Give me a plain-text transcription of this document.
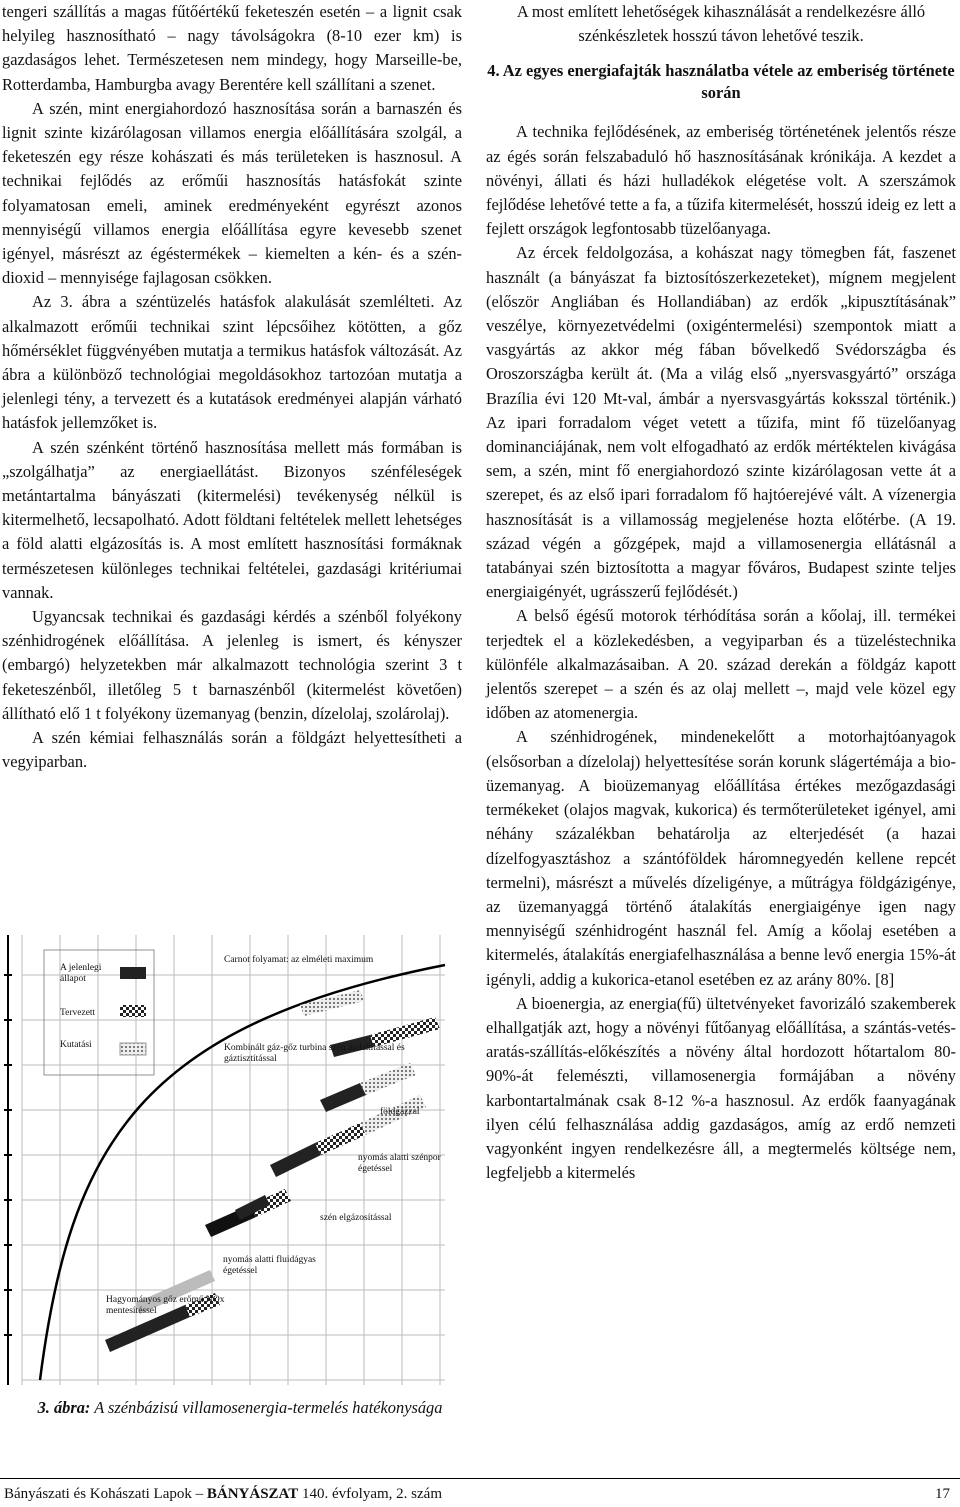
tengeri szállítás a magas fűtőértékű feketeszén esetén – a lignit csak helyileg hasznosítható – nagy távolságokra (8-10 ezer km) is gazdaságos lehet. Természetesen nem mindegy, hogy Marseille-be, Rotterdamba, Hamburgba avagy Berentére kell szállítani a szenet.

A szén, mint energiahordozó hasznosítása során a barnaszén és lignit szinte kizárólagosan villamos energia előállítására szolgál, a feketeszén egy része kohászati és más területeken is hasznosul. A technikai fejlődés az erőműi hasznosítás hatásfokát szinte folyamatosan emeli, aminek eredményeként egyrészt azonos mennyiségű villamos energia előállítása egyre kevesebb szenet igényel, másrészt az égéstermékek – kiemelten a kén- és a szén-dioxid – mennyisége fajlagosan csökken.

Az 3. ábra a széntüzelés hatásfok alakulását szemlélteti. Az alkalmazott erőműi technikai szint lépcsőihez kötötten, a gőz hőmérséklet függvényében mutatja a termikus hatásfok változását. Az ábra a különböző technológiai megoldásokhoz tartozóan mutatja a jelenlegi tény, a tervezett és a kutatások eredményei alapján várható hatásfok jellemzőket is.

A szén szénként történő hasznosítása mellett más formában is „szolgálhatja” az energiaellátást. Bizonyos szénféleségek metántartalma bányászati (kitermelési) tevékenység nélkül is kitermelhető, lecsapolható. Adott földtani feltételek mellett lehetséges a föld alatti elgázosítás is. A most említett hasznosítási formáknak természetesen különleges technikai feltételei, gazdasági kritériumai vannak.

Ugyancsak technikai és gazdasági kérdés a szénből folyékony szénhidrogének előállítása. A jelenleg is ismert, és kényszer (embargó) helyzetekben már alkalmazott technológia szerint 3 t feketeszénből, illetőleg 5 t barnaszénből (kitermelést követően) állítható elő 1 t folyékony üzemanyag (benzin, dízelolaj, szolárolaj).

A szén kémiai felhasználás során a földgázt helyettesítheti a vegyiparban.

A jelenlegi állapot
Tervezett
Kutatási
Carnot folyamat: az elméleti maximum
Kombinált gáz-gőz turbina szén átalakítással és gáztisztítással
földgázzal
nyomás alatti szénpor égetéssel
szén elgázosítással
nyomás alatti fluidágyas égetéssel
Hagyományos gőz erőmű NOx mentesítéssel
3. ábra: A szénbázisú villamosenergia-termelés hatékonysága

A most említett lehetőségek kihasználását a rendelkezésre álló szénkészletek hosszú távon lehetővé teszik.

4. Az egyes energiafajták használatba vétele az emberiség története során

A technika fejlődésének, az emberiség történetének jelentős része az égés során felszabaduló hő hasznosításának krónikája. A kezdet a növényi, állati és házi hulladékok elégetése volt. A szerszámok fejlődése lehetővé tette a fa, a tűzifa kitermelését, hosszú ideig ez lett a fejlett országok legfontosabb tüzelőanyaga.

Az ércek feldolgozása, a kohászat nagy tömegben fát, faszenet használt (a bányászat fa biztosítószerkezeteket), mígnem megjelent (először Angliában és Hollandiában) az erdők „kipusztításának” veszélye, környezetvédelmi (oxigéntermelési) szempontok miatt a vasgyártás az akkor még fában bővelkedő Svédországba és Oroszországba került át. (Ma a világ első „nyersvasgyártó” országa Brazília évi 120 Mt-val, ámbár a nyersvasgyártás koksszal történik.) Az ipari forradalom véget vetett a tűzifa, mint fő tüzelőanyag dominanciájának, nem volt elfogadható az erdők mértéktelen kivágása sem, a szén, mint fő energiahordozó szinte kizárólagosan vette át a szerepet, és az első ipari forradalom fő hajtóerejévé vált. A vízenergia hasznosítását is a villamosság megjelenése hozta előtérbe. (A 19. század végén a gőzgépek, majd a villamosenergia ellátásnál a tatabányai szén biztosította a magyar főváros, Budapest szinte teljes energiaigényét, ugrásszerű fejlődését.)

A belső égésű motorok térhódítása során a kőolaj, ill. termékei terjedtek el a közlekedésben, a vegyiparban és a tüzeléstechnika különféle alkalmazásaiban. A 20. század derekán a földgáz kapott jelentős szerepet – a szén és az olaj mellett –, majd vele közel egy időben az atomenergia.

A szénhidrogének, mindenekelőtt a motorhajtóanyagok (elsősorban a dízelolaj) helyettesítése során korunk slágertémája a bio-üzemanyag. A bioüzemanyag előállítása értékes mezőgazdasági termékeket (olajos magvak, kukorica) és termőterületeket igényel, ami néhány százalékban behatárolja az elterjedését (a hazai dízelfogyasztáshoz a szántóföldek háromnegyedén kellene repcét termelni), másrészt a művelés dízeligénye, a műtrágya földgázigénye, az üzemanyaggá történő átalakítás energiaigénye igen nagy mennyiségű szénhidrogént használ fel. Amíg a kőolaj esetében a kitermelés, átalakítás energiafelhasználása a benne levő energia 15%-át igényli, addig a kukorica-etanol esetében ez az arány 80%. [8]

A bioenergia, az energia(fű) ültetvényeket favorizáló szakemberek elhallgatják azt, hogy a növényi fűtőanyag előállítása, a szántás-vetés-aratás-szállítás-előkészítés a növény által hordozott hőtartalom 80-90%-át felemészti, villamosenergia formájában a növény karbontartalmának csak 8-12 %-a hasznosul. Az erdők faanyagának ilyen célú felhasználása addig gazdaságos, amíg az erdő nemzeti vagyonként ingyen rendelkezésre áll, a megtermelés költsége nem, legfeljebb a kitermelés

Bányászati és Kohászati Lapok – BÁNYÁSZAT 140. évfolyam, 2. szám	17
